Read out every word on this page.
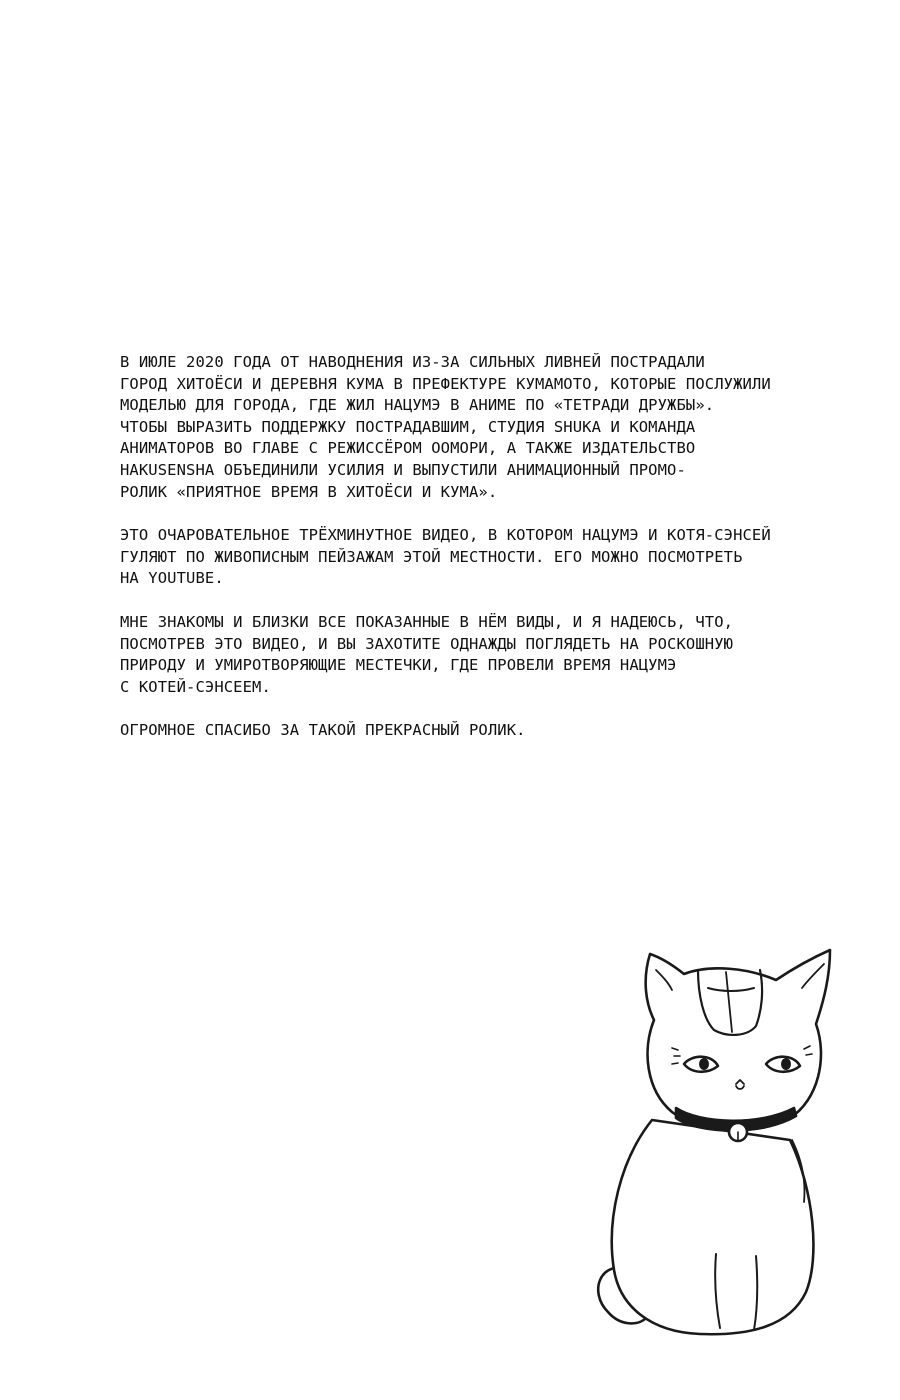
В ИЮЛЕ 2020 ГОДА ОТ НАВОДНЕНИЯ ИЗ-ЗА СИЛЬНЫХ ЛИВНЕЙ ПОСТРАДАЛИ
ГОРОД ХИТОЁСИ И ДЕРЕВНЯ КУМА В ПРЕФЕКТУРЕ КУМАМОТО, КОТОРЫЕ ПОСЛУЖИЛИ
МОДЕЛЬЮ ДЛЯ ГОРОДА, ГДЕ ЖИЛ НАЦУМЭ В АНИМЕ ПО «ТЕТРАДИ ДРУЖБЫ».
ЧТОБЫ ВЫРАЗИТЬ ПОДДЕРЖКУ ПОСТРАДАВШИМ, СТУДИЯ SHUKA И КОМАНДА
АНИМАТОРОВ ВО ГЛАВЕ С РЕЖИССЁРОМ ООМОРИ, А ТАКЖЕ ИЗДАТЕЛЬСТВО
HAKUSENSHA ОБЪЕДИНИЛИ УСИЛИЯ И ВЫПУСТИЛИ АНИМАЦИОННЫЙ ПРОМО-
РОЛИК «ПРИЯТНОЕ ВРЕМЯ В ХИТОЁСИ И КУМА».

ЭТО ОЧАРОВАТЕЛЬНОЕ ТРЁХМИНУТНОЕ ВИДЕО, В КОТОРОМ НАЦУМЭ И КОТЯ-СЭНСЕЙ
ГУЛЯЮТ ПО ЖИВОПИСНЫМ ПЕЙЗАЖАМ ЭТОЙ МЕСТНОСТИ. ЕГО МОЖНО ПОСМОТРЕТЬ
НА YOUTUBE.

МНЕ ЗНАКОМЫ И БЛИЗКИ ВСЕ ПОКАЗАННЫЕ В НЁМ ВИДЫ, И Я НАДЕЮСЬ, ЧТО,
ПОСМОТРЕВ ЭТО ВИДЕО, И ВЫ ЗАХОТИТЕ ОДНАЖДЫ ПОГЛЯДЕТЬ НА РОСКОШНУЮ
ПРИРОДУ И УМИРОТВОРЯЮЩИЕ МЕСТЕЧКИ, ГДЕ ПРОВЕЛИ ВРЕМЯ НАЦУМЭ
С КОТЕЙ-СЭНСЕЕМ.

ОГРОМНОЕ СПАСИБО ЗА ТАКОЙ ПРЕКРАСНЫЙ РОЛИК.
